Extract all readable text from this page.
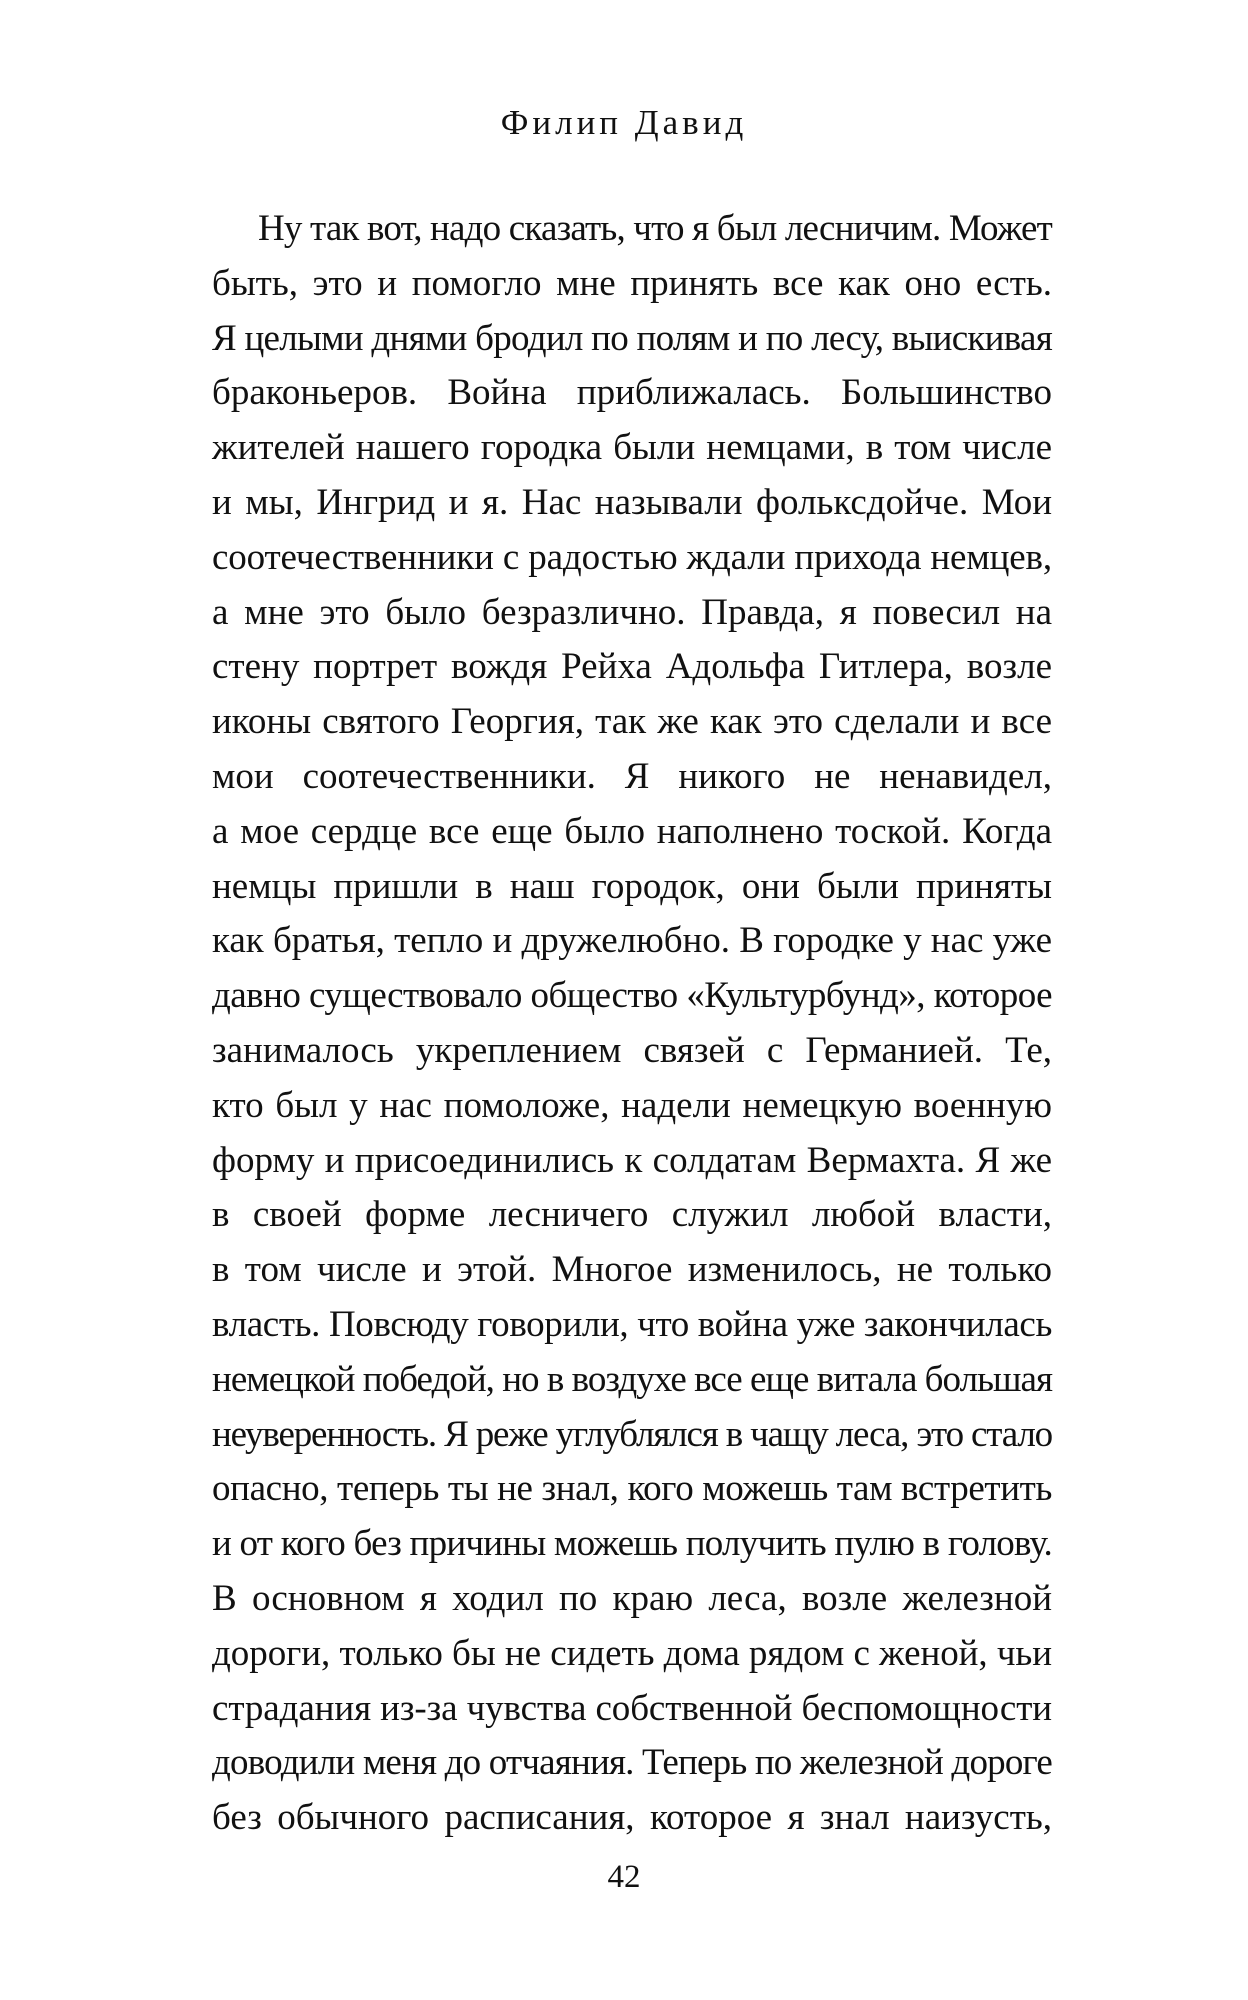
Филип Давид
Ну так вот, надо сказать, что я был лесничим. Может
быть, это и помогло мне принять все как оно есть.
Я целыми днями бродил по полям и по лесу, выискивая
браконьеров. Война приближалась. Большинство
жителей нашего городка были немцами, в том числе
и мы, Ингрид и я. Нас называли фольксдойче. Мои
соотечественники с радостью ждали прихода немцев,
а мне это было безразлично. Правда, я повесил на
стену портрет вождя Рейха Адольфа Гитлера, возле
иконы святого Георгия, так же как это сделали и все
мои соотечественники. Я никого не ненавидел,
а мое сердце все еще было наполнено тоской. Когда
немцы пришли в наш городок, они были приняты
как братья, тепло и дружелюбно. В городке у нас уже
давно существовало общество «Культурбунд», которое
занималось укреплением связей с Германией. Те,
кто был у нас помоложе, надели немецкую военную
форму и присоединились к солдатам Вермахта. Я же
в своей форме лесничего служил любой власти,
в том числе и этой. Многое изменилось, не только
власть. Повсюду говорили, что война уже закончилась
немецкой победой, но в воздухе все еще витала большая
неуверенность. Я реже углублялся в чащу леса, это стало
опасно, теперь ты не знал, кого можешь там встретить
и от кого без причины можешь получить пулю в голову.
В основном я ходил по краю леса, возле железной
дороги, только бы не сидеть дома рядом с женой, чьи
страдания из-за чувства собственной беспомощности
доводили меня до отчаяния. Теперь по железной дороге
без обычного расписания, которое я знал наизусть,
42
